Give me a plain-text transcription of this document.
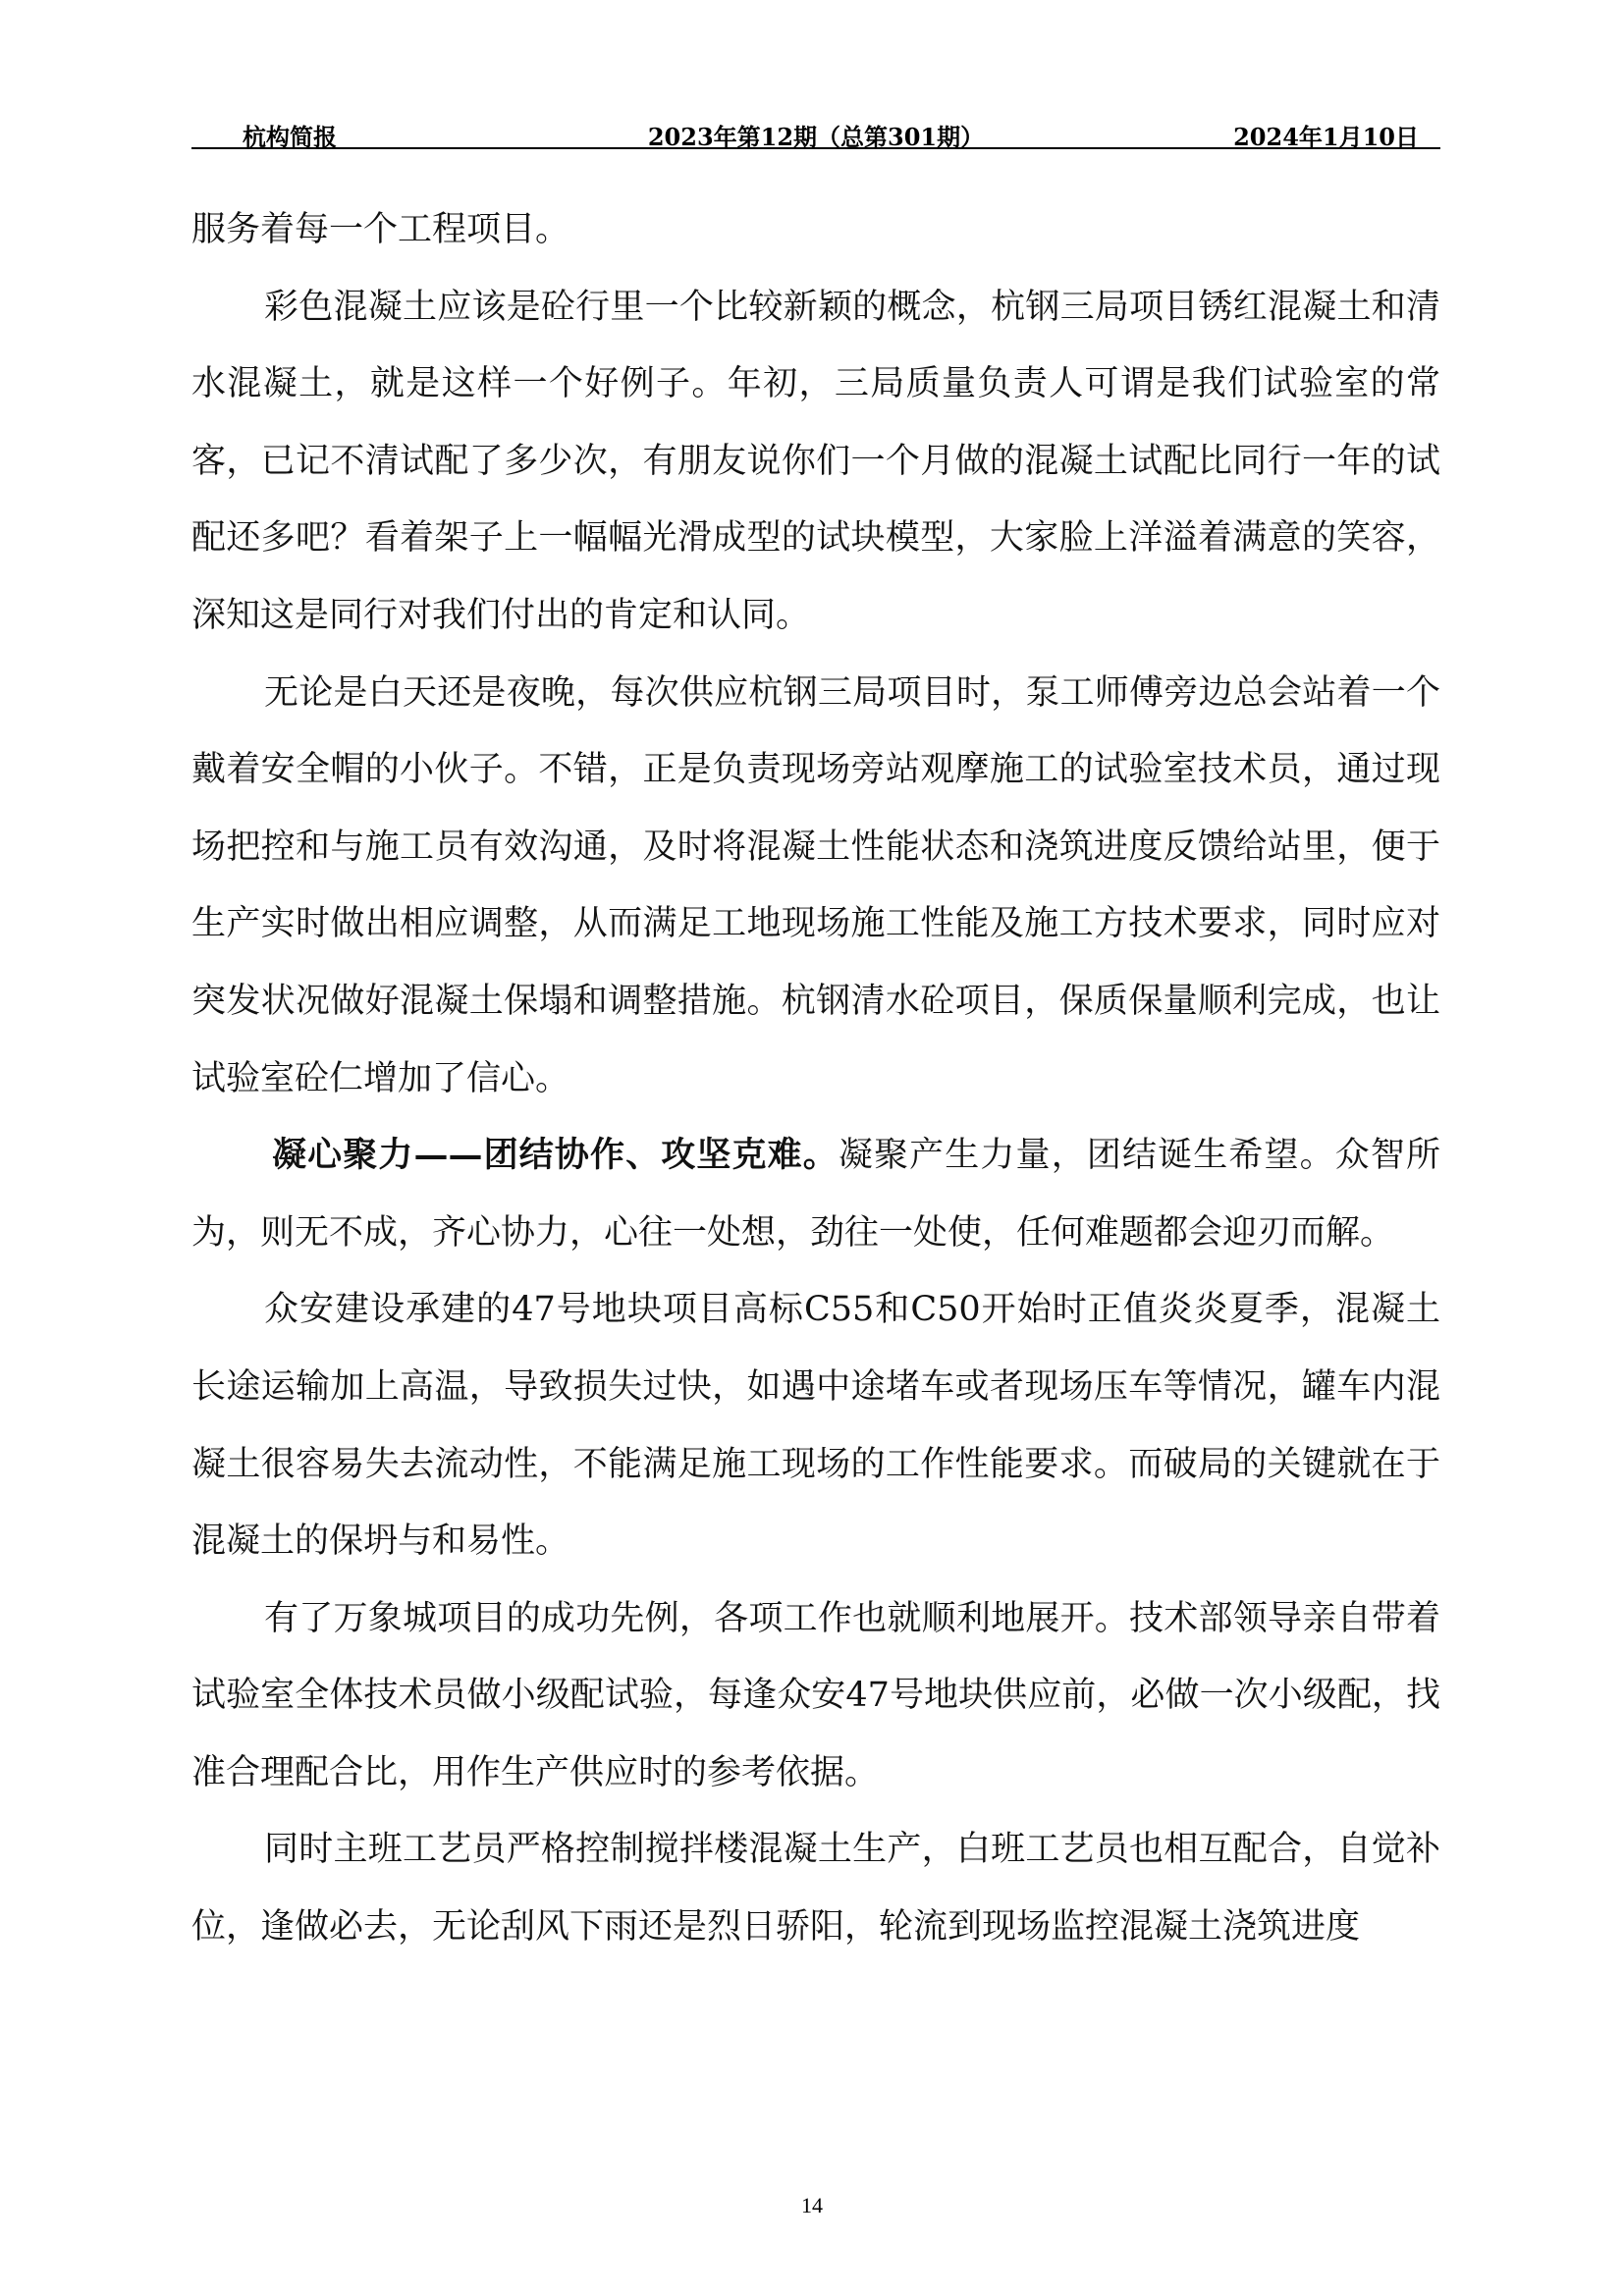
杭构简报	2023年第12期（总第301期）	2024年1月10日

服务着每一个工程项目。

彩色混凝土应该是砼行里一个比较新颖的概念，杭钢三局项目锈红混凝土和清水混凝土，就是这样一个好例子。年初，三局质量负责人可谓是我们试验室的常客，已记不清试配了多少次，有朋友说你们一个月做的混凝土试配比同行一年的试配还多吧？看着架子上一幅幅光滑成型的试块模型，大家脸上洋溢着满意的笑容，深知这是同行对我们付出的肯定和认同。

无论是白天还是夜晚，每次供应杭钢三局项目时，泵工师傅旁边总会站着一个戴着安全帽的小伙子。不错，正是负责现场旁站观摩施工的试验室技术员，通过现场把控和与施工员有效沟通，及时将混凝土性能状态和浇筑进度反馈给站里，便于生产实时做出相应调整，从而满足工地现场施工性能及施工方技术要求，同时应对突发状况做好混凝土保塌和调整措施。杭钢清水砼项目，保质保量顺利完成，也让试验室砼仁增加了信心。

凝心聚力——团结协作、攻坚克难。凝聚产生力量，团结诞生希望。众智所为，则无不成，齐心协力，心往一处想，劲往一处使，任何难题都会迎刃而解。

众安建设承建的47号地块项目高标C55和C50开始时正值炎炎夏季，混凝土长途运输加上高温，导致损失过快，如遇中途堵车或者现场压车等情况，罐车内混凝土很容易失去流动性，不能满足施工现场的工作性能要求。而破局的关键就在于混凝土的保坍与和易性。

有了万象城项目的成功先例，各项工作也就顺利地展开。技术部领导亲自带着试验室全体技术员做小级配试验，每逢众安47号地块供应前，必做一次小级配，找准合理配合比，用作生产供应时的参考依据。

同时主班工艺员严格控制搅拌楼混凝土生产，白班工艺员也相互配合，自觉补位，逢做必去，无论刮风下雨还是烈日骄阳，轮流到现场监控混凝土浇筑进度

14
